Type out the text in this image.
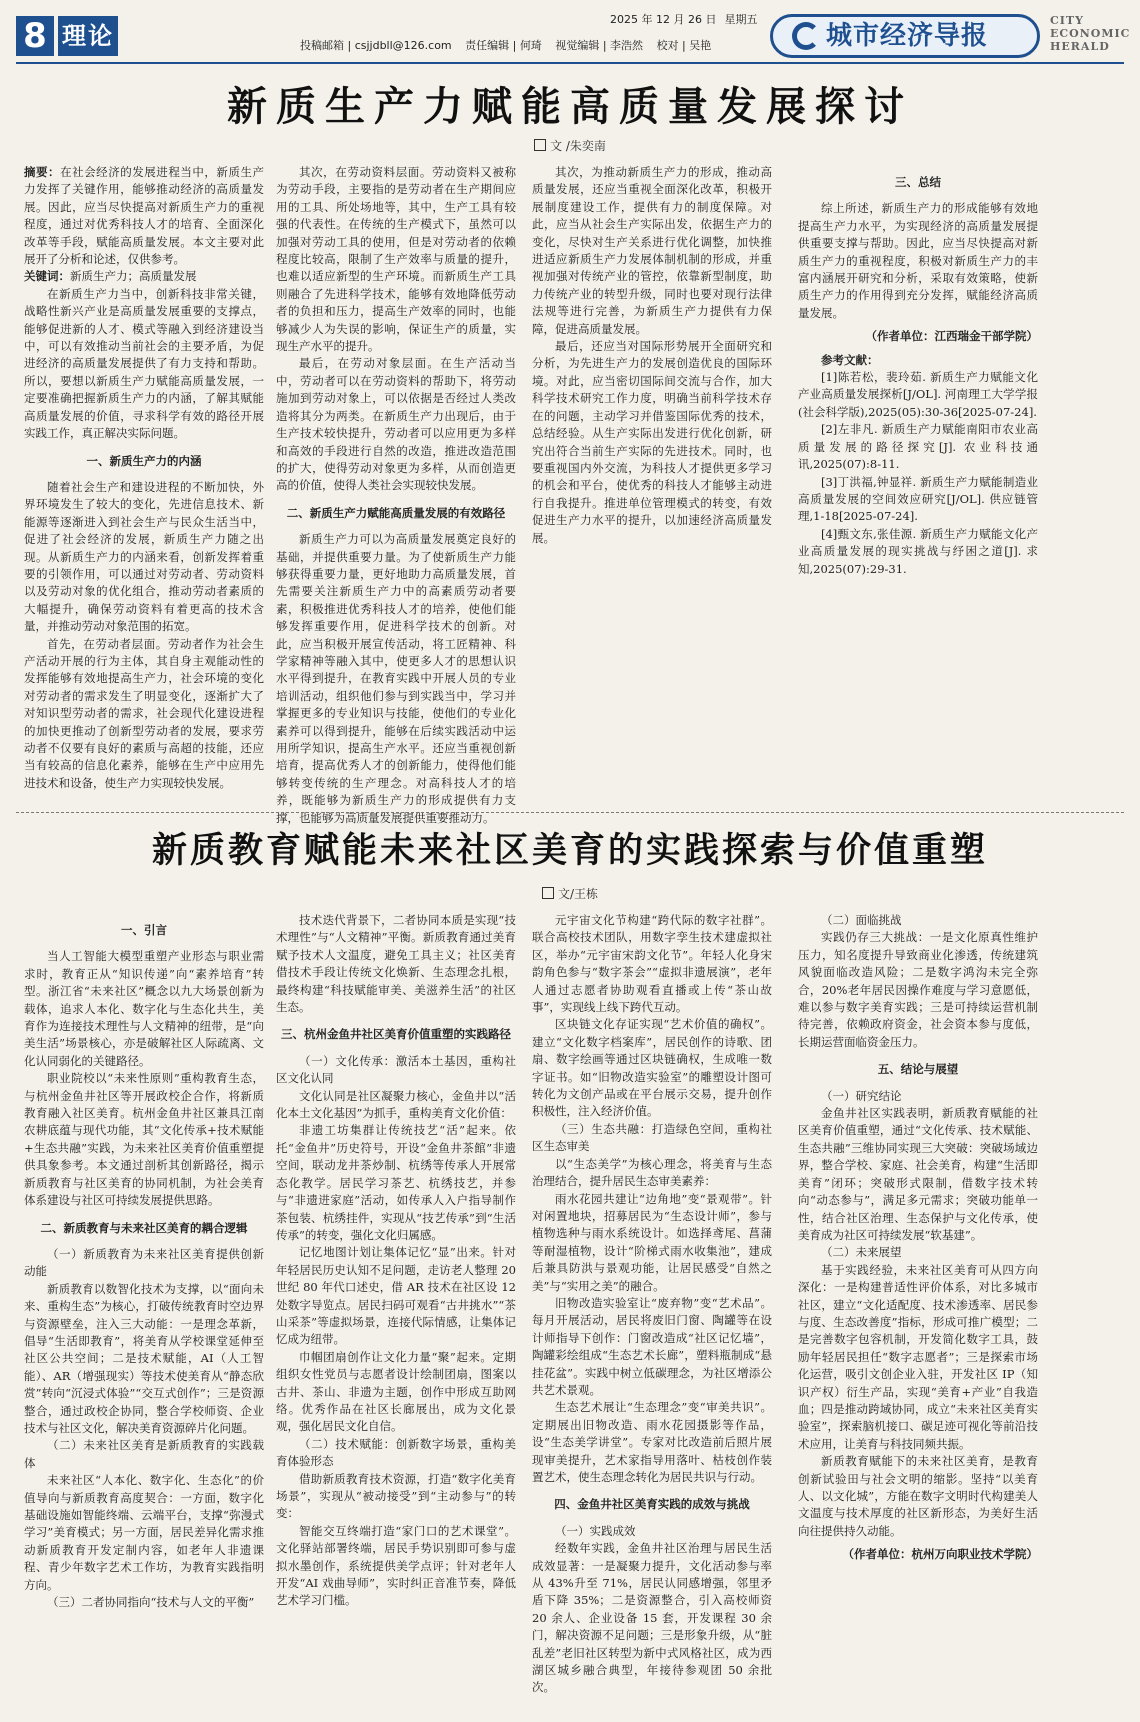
8 理论
2025 年 12 月 26 日 星期五
投稿邮箱 | csjjdbll@126.com 责任编辑 | 何琦 视觉编辑 | 李浩然 校对 | 吴艳	城市经济导报
CITY
ECONOMIC
HERALD
新质生产力赋能高质量发展探讨
文 /朱奕南

摘要：在社会经济的发展进程当中，新质生产力发挥了关键作用，能够推动经济的高质量发展。因此，应当尽快提高对新质生产力的重视程度，通过对优秀科技人才的培育、全面深化改革等手段，赋能高质量发展。本文主要对此展开了分析和论述，仅供参考。

关键词：新质生产力；高质量发展

在新质生产力当中，创新科技非常关键，战略性新兴产业是高质量发展重要的支撑点，能够促进新的人才、模式等融入到经济建设当中，可以有效推动当前社会的主要矛盾，为促进经济的高质量发展提供了有力支持和帮助。所以，要想以新质生产力赋能高质量发展，一定要准确把握新质生产力的内涵，了解其赋能高质量发展的价值，寻求科学有效的路径开展实践工作，真正解决实际问题。

一、新质生产力的内涵

随着社会生产和建设进程的不断加快，外界环境发生了较大的变化，先进信息技术、新能源等逐渐进入到社会生产与民众生活当中，促进了社会经济的发展，新质生产力随之出现。从新质生产力的内涵来看，创新发挥着重要的引领作用，可以通过对劳动者、劳动资料以及劳动对象的优化组合，推动劳动者素质的大幅提升，确保劳动资料有着更高的技术含量，并推动劳动对象范围的拓宽。

首先，在劳动者层面。劳动者作为社会生产活动开展的行为主体，其自身主观能动性的发挥能够有效地提高生产力，社会环境的变化对劳动者的需求发生了明显变化，逐渐扩大了对知识型劳动者的需求，社会现代化建设进程的加快更推动了创新型劳动者的发展，要求劳动者不仅要有良好的素质与高超的技能，还应当有较高的信息化素养，能够在生产中应用先进技术和设备，使生产力实现较快发展。

其次，在劳动资料层面。劳动资料又被称为劳动手段，主要指的是劳动者在生产期间应用的工具、所处场地等，其中，生产工具有较强的代表性。在传统的生产模式下，虽然可以加强对劳动工具的使用，但是对劳动者的依赖程度比较高，限制了生产效率与质量的提升，也难以适应新型的生产环境。而新质生产工具则融合了先进科学技术，能够有效地降低劳动者的负担和压力，提高生产效率的同时，也能够减少人为失误的影响，保证生产的质量，实现生产水平的提升。

最后，在劳动对象层面。在生产活动当中，劳动者可以在劳动资料的帮助下，将劳动施加到劳动对象上，可以依据是否经过人类改造将其分为两类。在新质生产力出现后，由于生产技术较快提升，劳动者可以应用更为多样和高效的手段进行自然的改造，推进改造范围的扩大，使得劳动对象更为多样，从而创造更高的价值，使得人类社会实现较快发展。

二、新质生产力赋能高质量发展的有效路径

新质生产力可以为高质量发展奠定良好的基础，并提供重要力量。为了使新质生产力能够获得重要力量，更好地助力高质量发展，首先需要关注新质生产力中的高素质劳动者要素，积极推进优秀科技人才的培养，使他们能够发挥重要作用，促进科学技术的创新。对此，应当积极开展宣传活动，将工匠精神、科学家精神等融入其中，使更多人才的思想认识水平得到提升，在教育实践中开展人员的专业培训活动，组织他们参与到实践当中，学习并掌握更多的专业知识与技能，使他们的专业化素养可以得到提升，能够在后续实践活动中运用所学知识，提高生产水平。还应当重视创新培育，提高优秀人才的创新能力，使得他们能够转变传统的生产理念。对高科技人才的培养，既能够为新质生产力的形成提供有力支撑，也能够为高质量发展提供重要推动力。

其次，为推动新质生产力的形成，推动高质量发展，还应当重视全面深化改革，积极开展制度建设工作，提供有力的制度保障。对此，应当从社会生产实际出发，依据生产力的变化，尽快对生产关系进行优化调整，加快推进适应新质生产力发展体制机制的形成，并重视加强对传统产业的管控，依靠新型制度，助力传统产业的转型升级，同时也要对现行法律法规等进行完善，为新质生产力提供有力保障，促进高质量发展。

最后，还应当对国际形势展开全面研究和分析，为先进生产力的发展创造优良的国际环境。对此，应当密切国际间交流与合作，加大科学技术研究工作力度，明确当前科学技术存在的问题，主动学习并借鉴国际优秀的技术，总结经验。从生产实际出发进行优化创新，研究出符合当前生产实际的先进技术。同时，也要重视国内外交流，为科技人才提供更多学习的机会和平台，使优秀的科技人才能够主动进行自我提升。推进单位管理模式的转变，有效促进生产力水平的提升，以加速经济高质量发展。

三、总结

综上所述，新质生产力的形成能够有效地提高生产力水平，为实现经济的高质量发展提供重要支撑与帮助。因此，应当尽快提高对新质生产力的重视程度，积极对新质生产力的丰富内涵展开研究和分析，采取有效策略，使新质生产力的作用得到充分发挥，赋能经济高质量发展。

（作者单位：江西瑞金干部学院）

参考文献：

[1]陈若松，裴玲茹. 新质生产力赋能文化产业高质量发展探析[J/OL]. 河南理工大学学报(社会科学版),2025(05):30-36[2025-07-24].

[2]左非凡. 新质生产力赋能南阳市农业高质量发展的路径探究[J]. 农业科技通讯,2025(07):8-11.

[3]丁洪福,钟显祥. 新质生产力赋能制造业高质量发展的空间效应研究[J/OL]. 供应链管理,1-18[2025-07-24].

[4]甄文东,张佳源. 新质生产力赋能文化产业高质量发展的现实挑战与纾困之道[J]. 求知,2025(07):29-31.

新质教育赋能未来社区美育的实践探索与价值重塑
文/王栋
一、引言

当人工智能大模型重塑产业形态与职业需求时，教育正从“知识传递”向“素养培育”转型。浙江省“未来社区”概念以九大场景创新为载体，追求人本化、数字化与生态化共生，美育作为连接技术理性与人文精神的纽带，是“向美生活”场景核心，亦是破解社区人际疏离、文化认同弱化的关键路径。

职业院校以“未来性原则”重构教育生态，与杭州金鱼井社区等开展政校企合作，将新质教育融入社区美育。杭州金鱼井社区兼具江南农耕底蕴与现代功能，其“文化传承+技术赋能+生态共融”实践，为未来社区美育价值重塑提供具象参考。本文通过剖析其创新路径，揭示新质教育与社区美育的协同机制，为社会美育体系建设与社区可持续发展提供思路。

二、新质教育与未来社区美育的耦合逻辑

（一）新质教育为未来社区美育提供创新动能

新质教育以数智化技术为支撑，以“面向未来、重构生态”为核心，打破传统教育时空边界与资源壁垒，注入三大动能：一是理念革新，倡导“生活即教育”，将美育从学校课堂延伸至社区公共空间；二是技术赋能，AI（人工智能）、AR（增强现实）等技术使美育从“静态欣赏”转向“沉浸式体验”“交互式创作”；三是资源整合，通过政校企协同，整合学校师资、企业技术与社区文化，解决美育资源碎片化问题。

（二）未来社区美育是新质教育的实践载体

未来社区“人本化、数字化、生态化”的价值导向与新质教育高度契合：一方面，数字化基础设施如智能终端、云端平台，支撑“弥漫式学习”美育模式；另一方面，居民差异化需求推动新质教育开发定制内容，如老年人非遗课程、青少年数字艺术工作坊，为教育实践指明方向。

（三）二者协同指向“技术与人文的平衡”

技术迭代背景下，二者协同本质是实现“技术理性”与“人文精神”平衡。新质教育通过美育赋予技术人文温度，避免工具主义；社区美育借技术手段让传统文化焕新、生态理念扎根，最终构建“科技赋能审美、美滋养生活”的社区生态。

三、杭州金鱼井社区美育价值重塑的实践路径

（一）文化传承：激活本土基因，重构社区文化认同

文化认同是社区凝聚力核心，金鱼井以“活化本土文化基因”为抓手，重构美育文化价值：

非遗工坊集群让传统技艺“活”起来。依托“金鱼井”历史符号，开设“金鱼井茶館”非遗空间，联动龙井茶炒制、杭绣等传承人开展常态化教学。居民学习茶艺、杭绣技艺，并参与“非遗进家庭”活动，如传承人入户指导制作茶包装、杭绣挂件，实现从“技艺传承”到“生活传承”的转变，强化文化归属感。

记忆地图计划让集体记忆“显”出来。针对年轻居民历史认知不足问题，走访老人整理 20 世纪 80 年代口述史，借 AR 技术在社区设 12 处数字导览点。居民扫码可观看“古井挑水”“茶山采茶”等虚拟场景，连接代际情感，让集体记忆成为纽带。

巾帼团扇创作让文化力量“聚”起来。定期组织女性党员与志愿者设计绘制团扇，图案以古井、茶山、非遗为主题，创作中形成互助网络。优秀作品在社区长廊展出，成为文化景观，强化居民文化自信。

（二）技术赋能：创新数字场景，重构美育体验形态

借助新质教育技术资源，打造“数字化美育场景”，实现从“被动接受”到“主动参与”的转变：

智能交互终端打造“家门口的艺术课堂”。文化驿站部署终端，居民手势识别即可参与虚拟水墨创作，系统提供美学点评；针对老年人开发“AI 戏曲导师”，实时纠正音准节奏，降低艺术学习门槛。

元宇宙文化节构建“跨代际的数字社群”。联合高校技术团队，用数字孪生技术建虚拟社区，举办“元宇宙宋韵文化节”。年轻人化身宋韵角色参与“数字茶会”“虚拟非遗展演”，老年人通过志愿者协助观看直播或上传“茶山故事”，实现线上线下跨代互动。

区块链文化存证实现“艺术价值的确权”。建立“文化数字档案库”，居民创作的诗歌、团扇、数字绘画等通过区块链确权，生成唯一数字证书。如“旧物改造实验室”的雕塑设计图可转化为文创产品或在平台展示交易，提升创作积极性，注入经济价值。

（三）生态共融：打造绿色空间，重构社区生态审美

以“生态美学”为核心理念，将美育与生态治理结合，提升居民生态审美素养：

雨水花园共建让“边角地”变“景观带”。针对闲置地块，招募居民为“生态设计师”，参与植物选种与雨水系统设计。如选择鸢尾、菖蒲等耐湿植物，设计“阶梯式雨水收集池”，建成后兼具防洪与景观功能，让居民感受“自然之美”与“实用之美”的融合。

旧物改造实验室让“废弃物”变“艺术品”。每月开展活动，居民将废旧门窗、陶罐等在设计师指导下创作：门窗改造成“社区记忆墙”，陶罐彩绘组成“生态艺术长廊”，塑料瓶制成“悬挂花盆”。实践中树立低碳理念，为社区增添公共艺术景观。

生态艺术展让“生态理念”变“审美共识”。定期展出旧物改造、雨水花园摄影等作品，设“生态美学讲堂”。专家对比改造前后照片展现审美提升，艺术家指导用落叶、枯枝创作装置艺术，使生态理念转化为居民共识与行动。

四、金鱼井社区美育实践的成效与挑战

（一）实践成效

经数年实践，金鱼井社区治理与居民生活成效显著：一是凝聚力提升，文化活动参与率从 43%升至 71%，居民认同感增强，邻里矛盾下降 35%；二是资源整合，引入高校师资 20 余人、企业设备 15 套，开发课程 30 余门，解决资源不足问题；三是形象升级，从“脏乱差”老旧社区转型为新中式风格社区，成为西湖区城乡融合典型，年接待参观团 50 余批次。

（二）面临挑战

实践仍存三大挑战：一是文化原真性维护压力，知名度提升导致商业化渗透，传统建筑风貌面临改造风险；二是数字鸿沟未完全弥合，20%老年居民因操作难度与学习意愿低，难以参与数字美育实践；三是可持续运营机制待完善，依赖政府资金，社会资本参与度低，长期运营面临资金压力。

五、结论与展望

（一）研究结论

金鱼井社区实践表明，新质教育赋能的社区美育价值重塑，通过“文化传承、技术赋能、生态共融”三维协同实现三大突破：突破场域边界，整合学校、家庭、社会美育，构建“生活即美育”闭环；突破形式限制，借数字技术转向“动态参与”，满足多元需求；突破功能单一性，结合社区治理、生态保护与文化传承，使美育成为社区可持续发展“软基建”。

（二）未来展望

基于实践经验，未来社区美育可从四方向深化：一是构建普适性评价体系，对比多城市社区，建立“文化适配度、技术渗透率、居民参与度、生态改善度”指标，形成可推广模型；二是完善数字包容机制，开发简化数字工具，鼓励年轻居民担任“数字志愿者”；三是探索市场化运营，吸引文创企业入驻，开发社区 IP（知识产权）衍生产品，实现“美育+产业”自我造血；四是推动跨域协同，成立“未来社区美育实验室”，探索脑机接口、碳足迹可视化等前沿技术应用，让美育与科技同频共振。

新质教育赋能下的未来社区美育，是教育创新试验田与社会文明的缩影。坚持“以美育人、以文化城”，方能在数字文明时代构建美人文温度与技术厚度的社区新形态，为美好生活向往提供持久动能。

（作者单位：杭州万向职业技术学院）
